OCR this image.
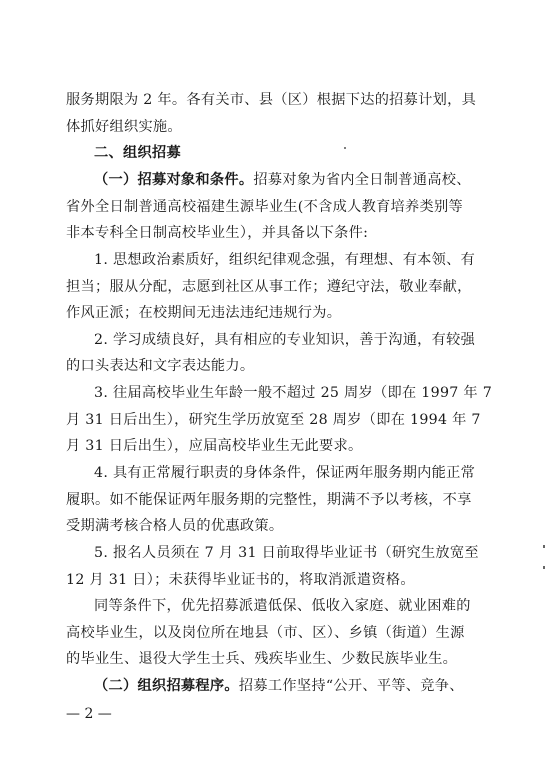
服务期限为 2 年。各有关市、县（区）根据下达的招募计划，具
体抓好组织实施。
二、组织招募
（一）招募对象和条件。招募对象为省内全日制普通高校、
省外全日制普通高校福建生源毕业生(不含成人教育培养类别等
非本专科全日制高校毕业生），并具备以下条件:
1. 思想政治素质好，组织纪律观念强，有理想、有本领、有
担当；服从分配，志愿到社区从事工作；遵纪守法，敬业奉献，
作风正派；在校期间无违法违纪违规行为。
2. 学习成绩良好，具有相应的专业知识，善于沟通，有较强
的口头表达和文字表达能力。
3. 往届高校毕业生年龄一般不超过 25 周岁（即在 1997 年 7
月 31 日后出生），研究生学历放宽至 28 周岁（即在 1994 年 7
月 31 日后出生），应届高校毕业生无此要求。
4. 具有正常履行职责的身体条件，保证两年服务期内能正常
履职。如不能保证两年服务期的完整性，期满不予以考核，不享
受期满考核合格人员的优惠政策。
5. 报名人员须在 7 月 31 日前取得毕业证书（研究生放宽至
12 月 31 日）；未获得毕业证书的，将取消派遣资格。
同等条件下，优先招募派遣低保、低收入家庭、就业困难的
高校毕业生，以及岗位所在地县（市、区）、乡镇（街道）生源
的毕业生、退役大学生士兵、残疾毕业生、少数民族毕业生。
（二）组织招募程序。招募工作坚持“公开、平等、竞争、
— 2 —
